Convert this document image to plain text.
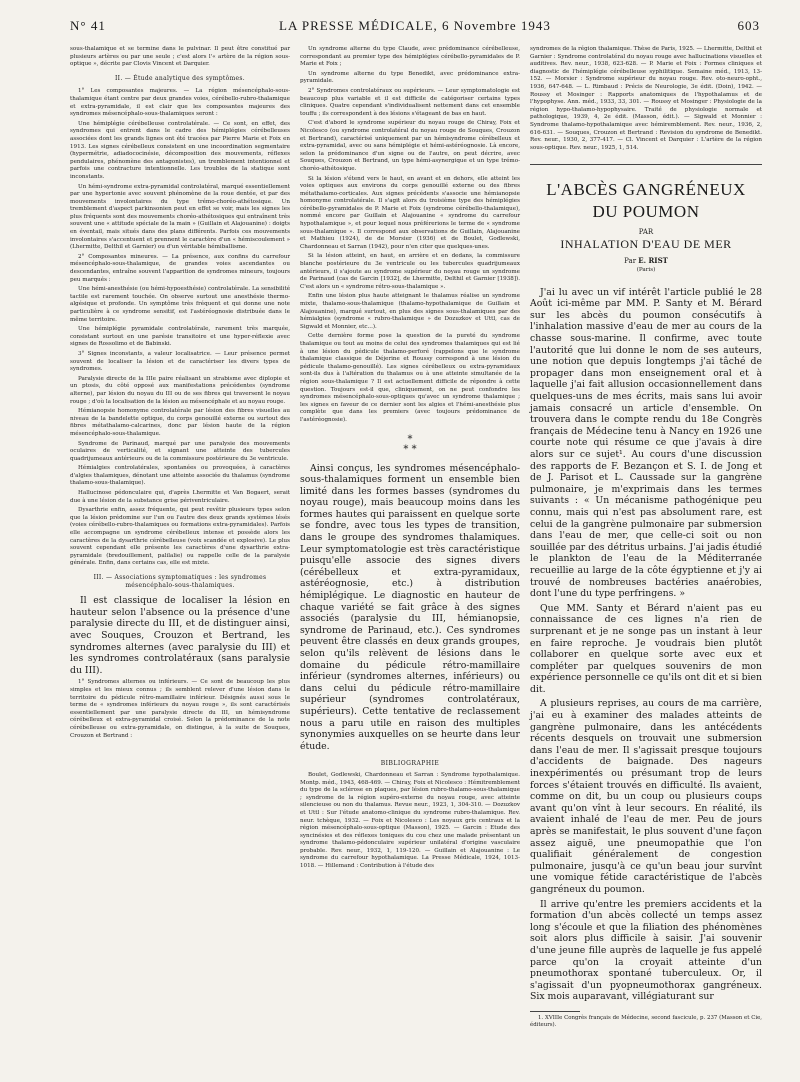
N° 41	LA PRESSE MÉDICALE, 6 Novembre 1943	603

sous-thalamique et se termine dans le pulvinar. Il peut être constitué par plusieurs artères ou par une seule ; c'est alors l'« artère de la région sous-optique », décrite par Clovis Vincent et Darquier.

II. — Étude analytique des symptômes.

1° Les composantes majeures. — La région mésencéphalo-sous-thalamique étant centre par deux grandes voies, cérébello-rubro-thalamique et extra-pyramidale, il est clair que les composantes majeures des syndromes mésencéphalo-sous-thalamiques seront :

Une hémiplégie cérébelleuse controlatérale. — Ce sont, en effet, des syndromes qui entrent dans le cadre des hémiplégies cérébelleuses associées dont les grands lignes ont été tracées par Pierre Marie et Foix en 1913. Les signes cérébelleux consistent en une incoordination segmentaire (hypermétrie, adiadococinésie, décomposition des mouvements, réflexes pendulaires, phénomène des antagonistes), un tremblement intentionnel et parfois une contracture intentionnelle. Les troubles de la statique sont inconstants.

Un hémi-syndrome extra-pyramidal controlatéral, marqué essentiellement par une hypertonie avec souvent phénomène de la roue dentée, et par des mouvements involontaires du type trémo-choréo-athétosique. Un tremblement d'aspect parkinsonien peut en effet se voir, mais les signes les plus fréquents sont des mouvements choréo-athétosiques qui entraînent très souvent une « attitude spéciale de la main » (Guillain et Alajouanine) : doigts en éventail, mais situés dans des plans différents. Parfois ces mouvements involontaires s'accentuent et prennent le caractère d'un « hémiscoulement » (Lhermitte, Delthil et Garnier) ou d'un véritable hémiballisme.

2° Composantes mineures. — La présence, aux confins du carrefour mésencéphalo-sous-thalamique, de grandes voies ascendantes ou descendantes, entraîne souvent l'apparition de syndromes mineurs, toujours peu marqués :

Une hémi-anesthésie (ou hémi-hypoesthésie) controlatérale. La sensibilité tactile est rarement touchée. On observe surtout une anesthésie thermo-algésique et profonde. Un symptôme très fréquent et qui donne une note particulière à ce syndrome sensitif, est l'astéréognosie distribuée dans le même territoire.

Une hémiplégie pyramidale controlatérale, rarement très marquée, consistant surtout en une parésie transitoire et une hyper-réflexie avec signes de Rossolimo et de Babinski.

3° Signes inconstants, a valeur localisatrice. — Leur présence permet souvent de localiser la lésion et de caractériser les divers types de syndromes.

Paralysie directe de la IIIe paire réalisant un strabisme avec diplopie et un ptosis, du côté opposé aux manifestations précédentes (syndrome alterne), par lésion du noyau du III ou de ses fibres qui traversent le noyau rouge ; d'où la localisation de la lésion au mésencéphale et au noyau rouge.

Hémianopsie homonyme controlatérale par lésion des fibres visuelles au niveau de la bandelette optique, du corps genouillé externe ou surtout des fibres métathalamo-calcarines, donc par lésion haute de la région mésencéphalo-sous-thalamique.

Syndrome de Parinaud, marqué par une paralysie des mouvements oculaires de verticalité, et signant une atteinte des tubercules quadrijumeaux antérieurs ou de la commissure postérieure du 3e ventricule.

Hémialgies controlatérales, spontanées ou provoquées, à caractères d'algies thalamiques, dénotant une atteinte associée du thalamus (syndrome thalamo-sous-thalamique).

Hallucinose pédonculaire qui, d'après Lhermitte et Van Bogaert, serait due à une lésion de la substance grise périventriculaire.

Dysarthrie enfin, assez fréquente, qui peut revêtir plusieurs types selon que la lésion prédomine sur l'un ou l'autre des deux grands systèmes lésés (voies cérébello-rubro-thalamiques ou formations extra-pyramidales). Parfois elle accompagne un syndrome cérébelleux intense et possède alors les caractères de la dysarthrie cérébelleuse (voix scandée et explosive). Le plus souvent cependant elle présente les caractères d'une dysarthrie extra-pyramidale (bredouillement, palilalie) ou rappelle celle de la paralysie générale. Enfin, dans certains cas, elle est mixte.

III. — Associations symptomatiques : les syndromes mésencéphalo-sous-thalamiques.

Il est classique de localiser la lésion en hauteur selon l'absence ou la présence d'une paralysie directe du III, et de distinguer ainsi, avec Souques, Crouzon et Bertrand, les syndromes alternes (avec paralysie du III) et les syndromes controlatéraux (sans paralysie du III).

1° Syndromes alternes ou inférieurs. — Ce sont de beaucoup les plus simples et les mieux connus ; ils semblent relever d'une lésion dans le territoire du pédicule rétro-mamillaire inférieur. Désignés aussi sous le terme de « syndromes inférieurs du noyau rouge », ils sont caractérisés essentiellement par une paralysie directe du III, un hémisyndrome cérébelleux et extra-pyramidal croisé. Selon la prédominance de la note cérébelleuse ou extra-pyramidale, on distingue, à la suite de Souques, Crouzon et Bertrand :

Un syndrome alterne du type Claude, avec prédominance cérébelleuse, correspondant au premier type des hémiplégies cérébello-pyramidales de P. Marie et Foix ;

Un syndrome alterne du type Benedikt, avec prédominance extra-pyramidale.

2° Syndromes controlatéraux ou supérieurs. — Leur symptomatologie est beaucoup plus variable et il est difficile de catégoriser certains types cliniques. Quatre cependant s'individualisent nettement dans cet ensemble touffu ; ils correspondent à des lésions s'étageant de bas en haut.

C'est d'abord le syndrome supérieur du noyau rouge de Chiray, Foix et Nicolesco (ou syndrome controlatéral du noyau rouge de Souques, Crouzon et Bertrand), caractérisé uniquement par un hémisyndrome cérébelleux et extra-pyramidal, avec ou sans hémiplégie et hémi-astéréognosie. Là encore, selon la prédominance d'un signe ou de l'autre, on peut décrire, avec Souques, Crouzon et Bertrand, un type hémi-asynergique et un type trémo-choréo-athétosique.

Si la lésion s'étend vers le haut, en avant et en dehors, elle atteint les voies optiques aux environs du corps genouillé externe ou des fibres métathalamo-corticales. Aux signes précédents s'associe une hémianopsie homonyme controlatérale. Il s'agit alors du troisième type des hémiplégies cérébello-pyramidales de P. Marie et Foix (syndrome cérébello-thalamique), nommé encore par Guillain et Alajouanine « syndrome du carrefour hypothalamique », et pour lequel nous préférerions le terme de « syndrome sous-thalamique ». Il correspond aux observations de Guillain, Alajouanine et Mathieu (1924), de de Morsier (1936) et de Boulet, Godlewski, Chardonneau et Sarran (1942), pour n'en citer que quelques-unes.

Si la lésion atteint, en haut, en arrière et en dedans, la commissure blanche postérieure du 3e ventricule ou les tubercules quadrijumeaux antérieurs, il s'ajoute au syndrome supérieur du noyau rouge un syndrome de Parinaud (cas de Garcin [1932], de Lhermitte, Delthil et Garnier [1938]). C'est alors un « syndrome rétro-sous-thalamique ».

Enfin une lésion plus haute atteignant le thalamus réalise un syndrome mixte, thalamo-sous-thalamique (thalamo-hypothalamique de Guillain et Alajouanine), marqué surtout, en plus des signes sous-thalamiques par des hémialgies (syndrome « rubro-thalamique » de Dozuzkov et Uttl, cas de Sigwald et Monnier, etc...).

Cette dernière forme pose la question de la pureté du syndrome thalamique ou tout au moins de celui des syndromes thalamiques qui est lié à une lésion du pédicule thalamo-perforé (rappelons que le syndrome thalamique classique de Déjerine et Roussy correspond à une lésion du pédicule thalamo-genouillé). Les signes cérébelleux ou extra-pyramidaux sont-ils dus à l'altération du thalamus ou à une atteinte simultanée de la région sous-thalamique ? Il est actuellement difficile de répondre à cette question. Toujours est-il que, cliniquement, on ne peut confondre les syndromes mésencéphalo-sous-optiques qu'avec un syndrome thalamique ; les signes en faveur de ce dernier sont les algies et l'hémi-anesthésie plus complète que dans les premiers (avec toujours prédominance de l'astéréognosie).

*
* *

Ainsi conçus, les syndromes mésencéphalo-sous-thalamiques forment un ensemble bien limité dans les formes basses (syndromes du noyau rouge), mais beaucoup moins dans les formes hautes qui paraissent en quelque sorte se fondre, avec tous les types de transition, dans le groupe des syndromes thalamiques. Leur symptomatologie est très caractéristique puisqu'elle associe des signes divers (cérébelleux et extra-pyramidaux, astéréognosie, etc.) à distribution hémiplégique. Le diagnostic en hauteur de chaque variété se fait grâce à des signes associés (paralysie du III, hémianopsie, syndrome de Parinaud, etc.). Ces syndromes peuvent être classés en deux grands groupes, selon qu'ils relèvent de lésions dans le domaine du pédicule rétro-mamillaire inférieur (syndromes alternes, inférieurs) ou dans celui du pédicule rétro-mamillaire supérieur (syndromes controlatéraux, supérieurs). Cette tentative de reclassement nous a paru utile en raison des multiples synonymies auxquelles on se heurte dans leur étude.

BIBLIOGRAPHIE

Boulet, Godlewski, Chardonneau et Sarran : Syndrome hypothalamique. Montp. méd., 1943, 468-469. — Chiray, Foix et Nicolesco : Hémitremblement du type de la sclérose en plaques, par lésion rubro-thalamo-sous-thalamique ; syndrome de la région supéro-externe du noyau rouge, avec atteinte silencieuse ou non du thalamus. Revue neur., 1923, 1, 304-310. — Dozuzkov et Uttl : Sur l'étude anatomo-clinique du syndrome rubro-thalamique. Rev. neur. tchèque, 1932. — Foix et Nicolesco : Les noyaux gris centraux et la région mésencéphalo-sous-optique (Masson), 1925. — Garcin : Etude des syncinésies et des réflexes toniques du cou chez une malade présentant un syndrome thalamo-pédonculaire supérieur unilatéral d'origine vasculaire probable. Rev. neur., 1932, 1, 119-120. — Guillain et Alajouanine : Le syndrome du carrefour hypothalamique. La Presse Médicale, 1924, 1013-1018. — Hillemand : Contribution à l'étude des

syndromes de la région thalamique. Thèse de Paris, 1925. — Lhermitte, Delthil et Garnier : Syndrome controlatéral du noyau rouge avec hallucinations visuelles et auditives. Rev. neur., 1938, 623-628. — P. Marie et Foix : Formes cliniques et diagnostic de l'hémiplégie cérébelleuse syphilitique. Semaine méd., 1913, 13-152. — Morsier : Syndrome supérieur du noyau rouge. Rev. oto-neuro-opht., 1936, 647-648. — L. Rimbaud : Précis de Neurologie, 3e édit. (Doin), 1942. — Roussy et Mosinger : Rapports anatomiques de l'hypothalamus et de l'hypophyse. Ann. méd., 1933, 33, 301. — Roussy et Mosinger : Physiologie de la région hypo-thalamo-hypophysaire. Traité de physiologie normale et pathologique, 1939, 4, 2e édit. (Masson, édit.). — Sigwald et Monnier : Syndrome thalamo-hypothalamique avec hémiremblement. Rev. neur., 1936, 2, 616-631. — Souques, Crouzon et Bertrand : Revision du syndrome de Benedikt. Rev. neur., 1930, 2, 377-417. — Cl. Vincent et Darquier : L'artère de la région sous-optique. Rev. neur., 1925, 1, 514.

L'ABCÈS GANGRÉNEUX
DU POUMON
PAR
INHALATION D'EAU DE MER
Par E. RIST
(Paris)

J'ai lu avec un vif intérêt l'article publié le 28 Août ici-même par MM. P. Santy et M. Bérard sur les abcès du poumon consécutifs à l'inhalation massive d'eau de mer au cours de la chasse sous-marine. Il confirme, avec toute l'autorité que lui donne le nom de ses auteurs, une notion que depuis longtemps j'ai tâché de propager dans mon enseignement oral et à laquelle j'ai fait allusion occasionnellement dans quelques-uns de mes écrits, mais sans lui avoir jamais consacré un article d'ensemble. On trouvera dans le compte rendu du 18e Congrès français de Médecine tenu à Nancy en 1926 une courte note qui résume ce que j'avais à dire alors sur ce sujet¹. Au cours d'une discussion des rapports de F. Bezançon et S. I. de Jong et de J. Parisot et L. Caussade sur la gangrène pulmonaire, je m'exprimais dans les termes suivants : « Un mécanisme pathogénique peu connu, mais qui n'est pas absolument rare, est celui de la gangrène pulmonaire par submersion dans l'eau de mer, que celle-ci soit ou non souillée par des détritus urbains. J'ai jadis étudié le plankton de l'eau de la Méditerranée recueillie au large de la côte égyptienne et j'y ai trouvé de nombreuses bactéries anaérobies, dont l'une du type perfringens. »

Que MM. Santy et Bérard n'aient pas eu connaissance de ces lignes n'a rien de surprenant et je ne songe pas un instant à leur en faire reproche. Je voudrais bien plutôt collaborer en quelque sorte avec eux et compléter par quelques souvenirs de mon expérience personnelle ce qu'ils ont dit et si bien dit.

A plusieurs reprises, au cours de ma carrière, j'ai eu à examiner des malades atteints de gangrène pulmonaire, dans les antécédents récents desquels on trouvait une submersion dans l'eau de mer. Il s'agissait presque toujours d'accidents de baignade. Des nageurs inexpérimentés ou présumant trop de leurs forces s'étaient trouvés en difficulté. Ils avaient, comme on dit, bu un coup ou plusieurs coups avant qu'on vînt à leur secours. En réalité, ils avaient inhalé de l'eau de mer. Peu de jours après se manifestait, le plus souvent d'une façon assez aiguë, une pneumopathie que l'on qualifiait généralement de congestion pulmonaire, jusqu'à ce qu'un beau jour survînt une vomique fétide caractéristique de l'abcès gangréneux du poumon.

Il arrive qu'entre les premiers accidents et la formation d'un abcès collecté un temps assez long s'écoule et que la filiation des phénomènes soit alors plus difficile à saisir. J'ai souvenir d'une jeune fille auprès de laquelle je fus appelé parce qu'on la croyait atteinte d'un pneumothorax spontané tuberculeux. Or, il s'agissait d'un pyopneumothorax gangréneux. Six mois auparavant, villégiaturant sur

1. XVIIIe Congrès français de Médecine, second fascicule, p. 237 (Masson et Cie, éditeurs).
